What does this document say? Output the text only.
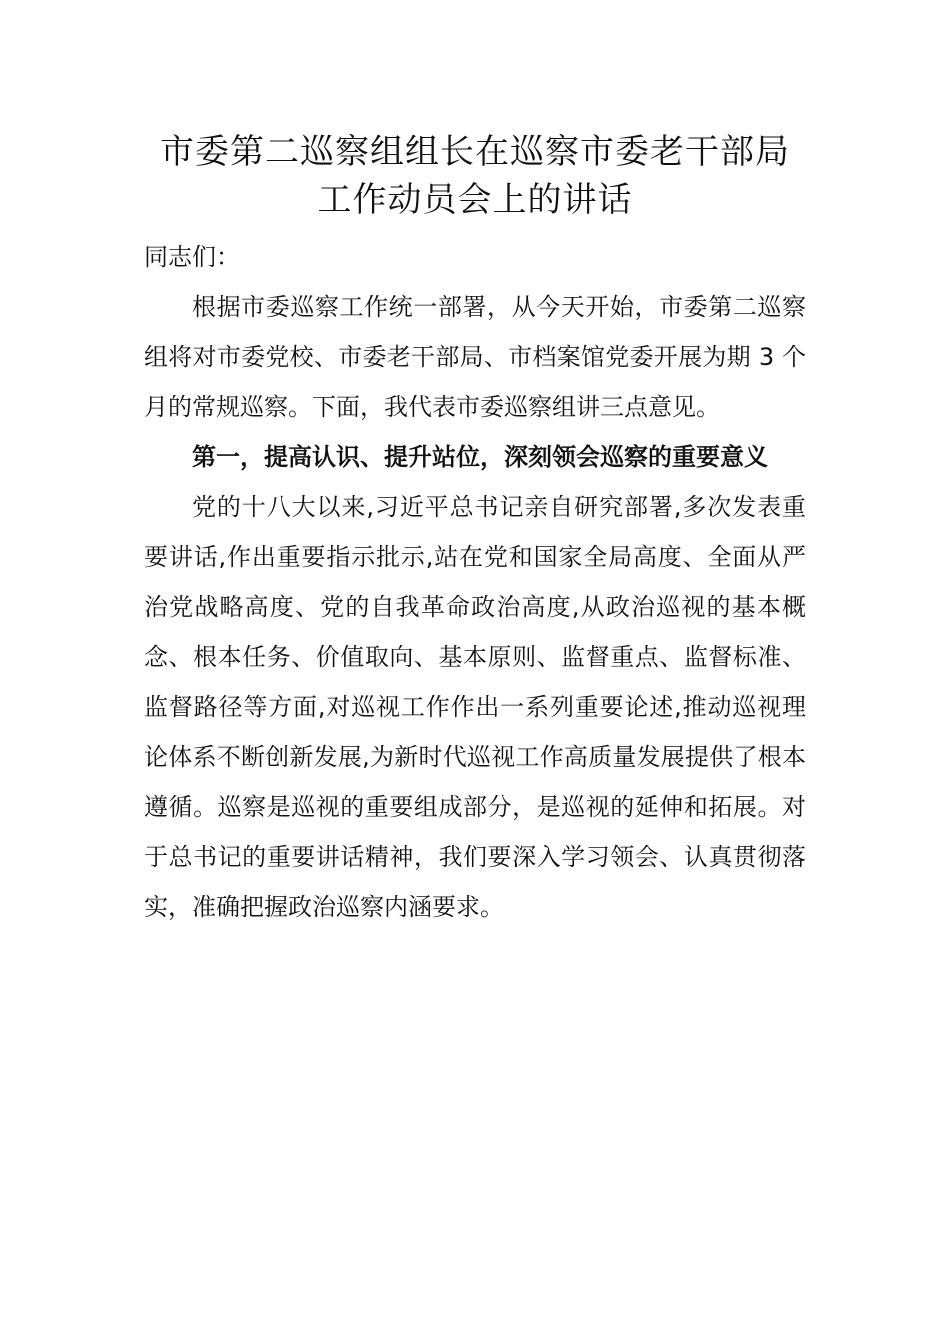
市委第二巡察组组长在巡察市委老干部局
工作动员会上的讲话

同志们：

根据市委巡察工作统一部署，从今天开始，市委第二巡察组将对市委党校、市委老干部局、市档案馆党委开展为期 3 个月的常规巡察。下面，我代表市委巡察组讲三点意见。

第一，提高认识、提升站位，深刻领会巡察的重要意义

党的十八大以来,习近平总书记亲自研究部署,多次发表重要讲话,作出重要指示批示,站在党和国家全局高度、全面从严治党战略高度、党的自我革命政治高度,从政治巡视的基本概念、根本任务、价值取向、基本原则、监督重点、监督标准、监督路径等方面,对巡视工作作出一系列重要论述,推动巡视理论体系不断创新发展,为新时代巡视工作高质量发展提供了根本遵循。巡察是巡视的重要组成部分，是巡视的延伸和拓展。对于总书记的重要讲话精神，我们要深入学习领会、认真贯彻落实，准确把握政治巡察内涵要求。
